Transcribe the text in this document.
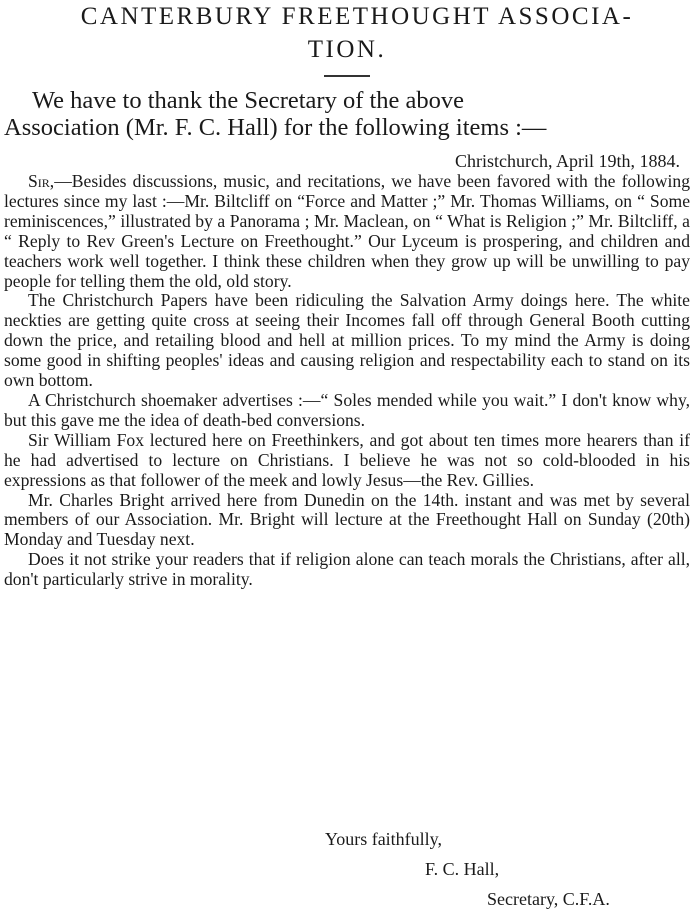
CANTERBURY FREETHOUGHT ASSOCIA-
TION.

We have to thank the Secretary of the above
Association (Mr. F. C. Hall) for the following items :—

Christchurch, April 19th, 1884.

Sir,—Besides discussions, music, and recitations, we have been favored with the following lectures since my last :—Mr. Biltcliff on “Force and Matter ;” Mr. Thomas Williams, on “ Some reminiscences,” illustrated by a Panorama ; Mr. Maclean, on “ What is Religion ;” Mr. Biltcliff, a “ Reply to Rev Green's Lecture on Freethought.” Our Lyceum is prospering, and children and teachers work well together. I think these children when they grow up will be unwilling to pay people for telling them the old, old story.

The Christchurch Papers have been ridiculing the Salvation Army doings here. The white neckties are getting quite cross at seeing their Incomes fall off through General Booth cutting down the price, and retailing blood and hell at million prices. To my mind the Army is doing some good in shifting peoples' ideas and causing religion and respectability each to stand on its own bottom.

A Christchurch shoemaker advertises :—“ Soles mended while you wait.” I don't know why, but this gave me the idea of death-bed conversions.

Sir William Fox lectured here on Freethinkers, and got about ten times more hearers than if he had advertised to lecture on Christians. I believe he was not so cold-blooded in his expressions as that follower of the meek and lowly Jesus—the Rev. Gillies.

Mr. Charles Bright arrived here from Dunedin on the 14th. instant and was met by several members of our Association. Mr. Bright will lecture at the Freethought Hall on Sunday (20th) Monday and Tuesday next.

Does it not strike your readers that if religion alone can teach morals the Christians, after all, don't particularly strive in morality.

Yours faithfully,
F. C. Hall,
Secretary, C.F.A.
